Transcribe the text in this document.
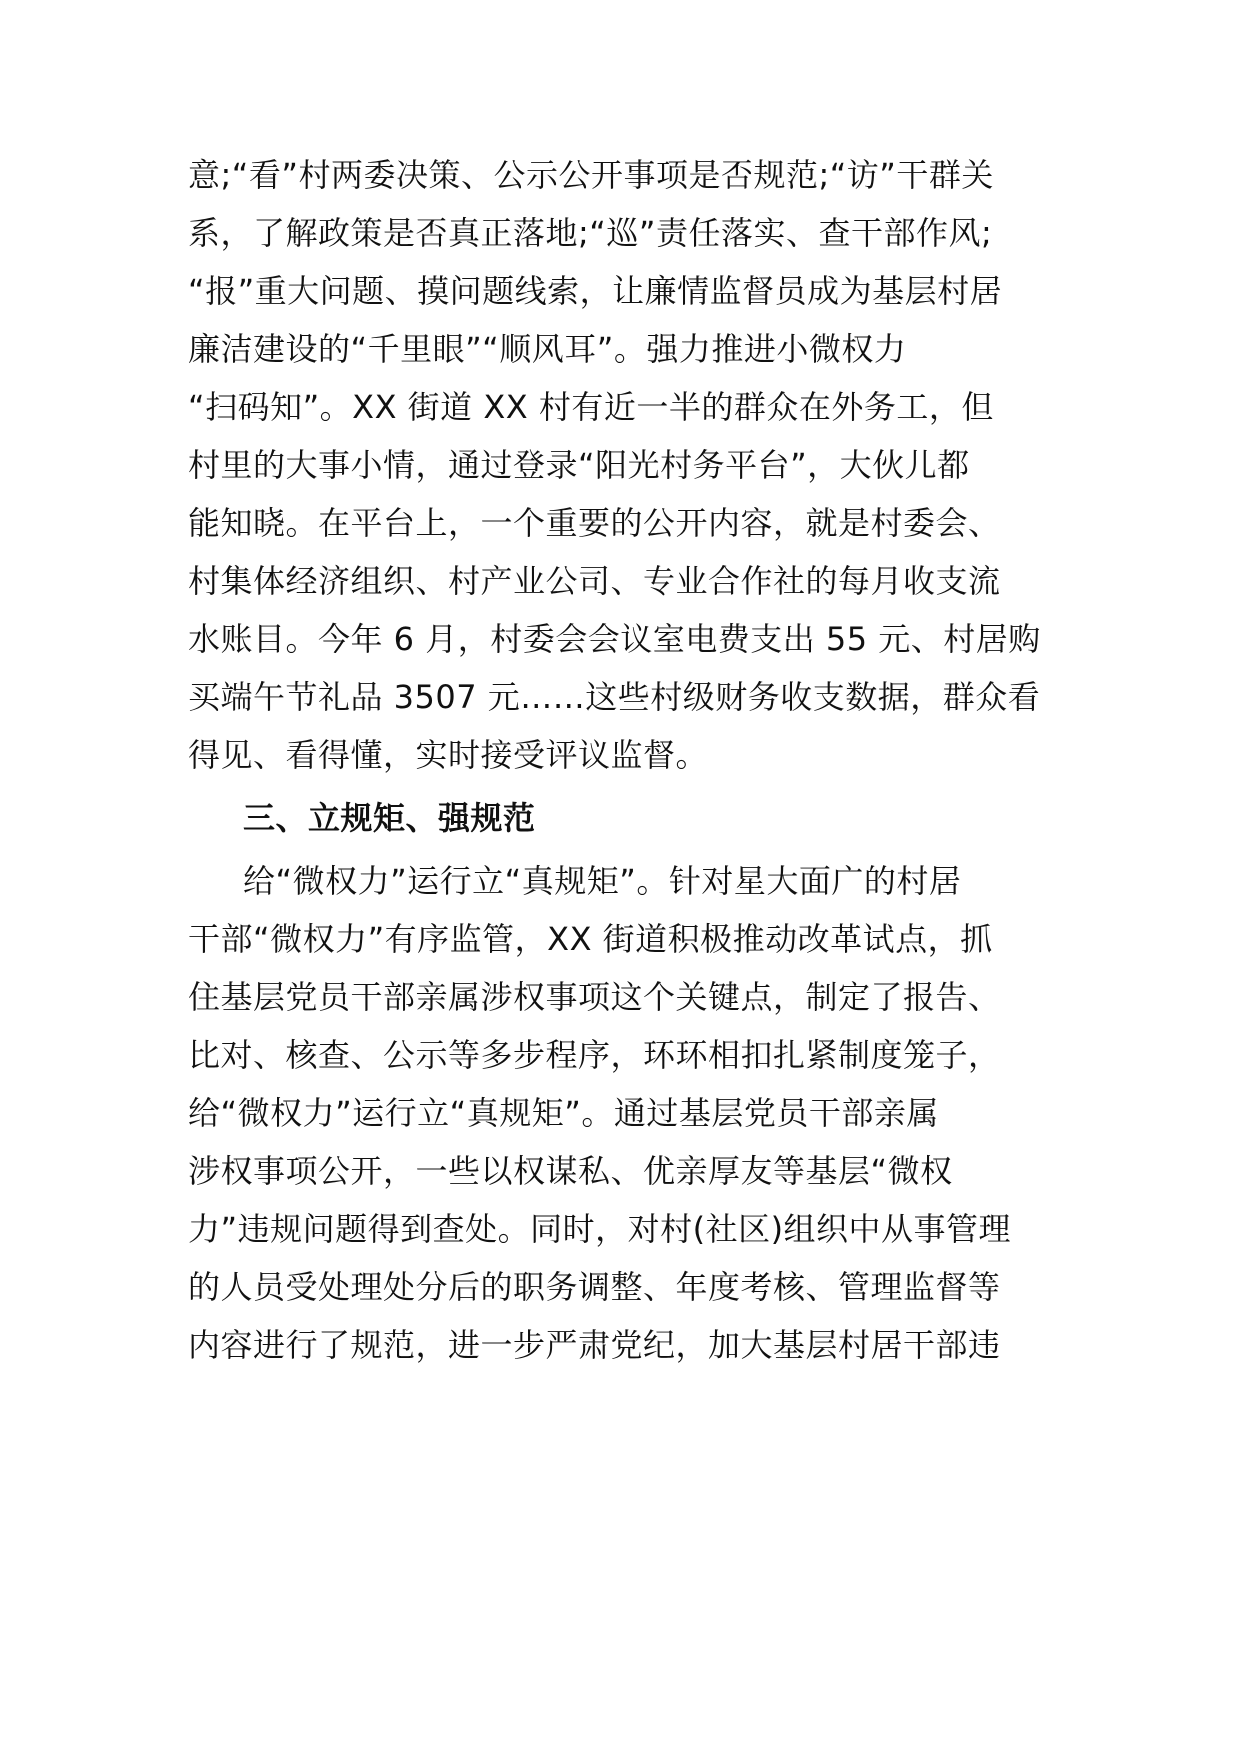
意;“看”村两委决策、公示公开事项是否规范;“访”干群关
系，了解政策是否真正落地;“巡”责任落实、查干部作风;
“报”重大问题、摸问题线索，让廉情监督员成为基层村居
廉洁建设的“千里眼”“顺风耳”。强力推进小微权力
“扫码知”。XX 街道 XX 村有近一半的群众在外务工，但
村里的大事小情，通过登录“阳光村务平台”，大伙儿都
能知晓。在平台上，一个重要的公开内容，就是村委会、
村集体经济组织、村产业公司、专业合作社的每月收支流
水账目。今年 6 月，村委会会议室电费支出 55 元、村居购
买端午节礼品 3507 元……这些村级财务收支数据，群众看
得见、看得懂，实时接受评议监督。
三、立规矩、强规范
给“微权力”运行立“真规矩”。针对星大面广的村居
干部“微权力”有序监管，XX 街道积极推动改革试点，抓
住基层党员干部亲属涉权事项这个关键点，制定了报告、
比对、核查、公示等多步程序，环环相扣扎紧制度笼子，
给“微权力”运行立“真规矩”。通过基层党员干部亲属
涉权事项公开，一些以权谋私、优亲厚友等基层“微权
力”违规问题得到查处。同时，对村(社区)组织中从事管理
的人员受处理处分后的职务调整、年度考核、管理监督等
内容进行了规范，进一步严肃党纪，加大基层村居干部违
